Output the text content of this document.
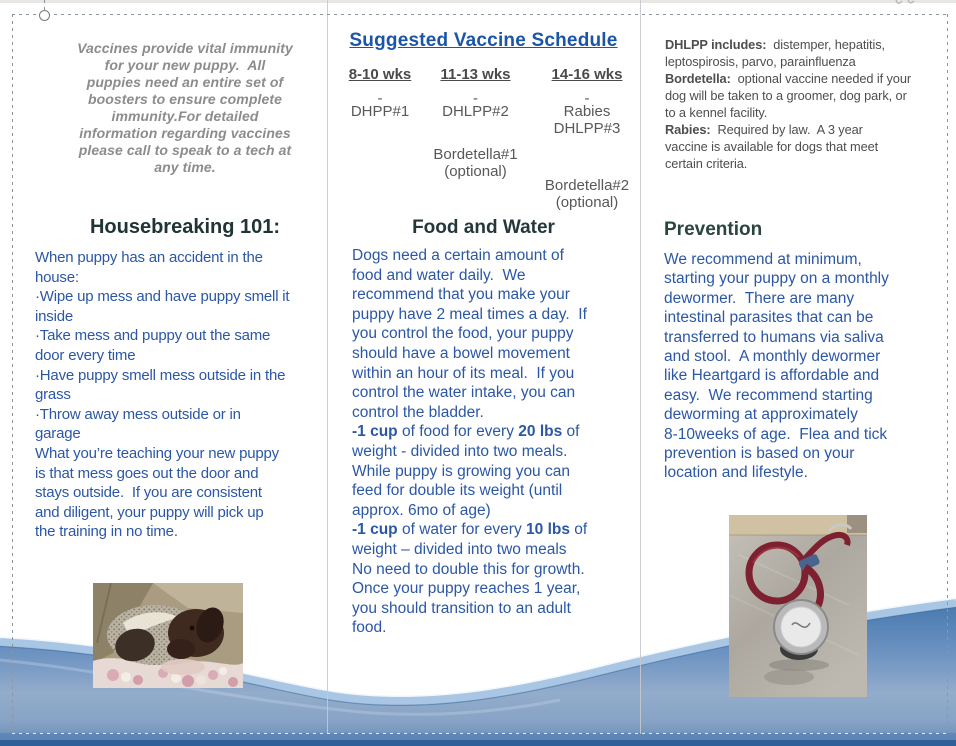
Vaccines provide vital immunity
for your new puppy.  All
puppies need an entire set of
boosters to ensure complete
immunity.For detailed
information regarding vaccines
please call to speak to a tech at
any time.
Housebreaking 101:
When puppy has an accident in the
house:
·Wipe up mess and have puppy smell it
inside
·Take mess and puppy out the same
door every time
·Have puppy smell mess outside in the
grass
·Throw away mess outside or in
garage
What you’re teaching your new puppy
is that mess goes out the door and
stays outside.  If you are consistent
and diligent, your puppy will pick up
the training in no time.
Suggested Vaccine Schedule
8-10 wks
-
DHPP#1
11-13 wks
-
DHLPP#2
Bordetella#1
(optional)
14-16 wks
-
Rabies
DHLPP#3
Bordetella#2
(optional)
Food and Water
Dogs need a certain amount of
food and water daily.  We
recommend that you make your
puppy have 2 meal times a day.  If
you control the food, your puppy
should have a bowel movement
within an hour of its meal.  If you
control the water intake, you can
control the bladder.
-1 cup of food for every 20 lbs of
weight - divided into two meals.
While puppy is growing you can
feed for double its weight (until
approx. 6mo of age)
-1 cup of water for every 10 lbs of
weight – divided into two meals
No need to double this for growth.
Once your puppy reaches 1 year,
you should transition to an adult
food.
DHLPP includes:  distemper, hepatitis,
leptospirosis, parvo, parainfluenza
Bordetella:  optional vaccine needed if your
dog will be taken to a groomer, dog park, or
to a kennel facility.
Rabies:  Required by law.  A 3 year
vaccine is available for dogs that meet
certain criteria.
Prevention
We recommend at minimum,
starting your puppy on a monthly
dewormer.  There are many
intestinal parasites that can be
transferred to humans via saliva
and stool.  A monthly dewormer
like Heartgard is affordable and
easy.  We recommend starting
deworming at approximately
8-10weeks of age.  Flea and tick
prevention is based on your
location and lifestyle.
